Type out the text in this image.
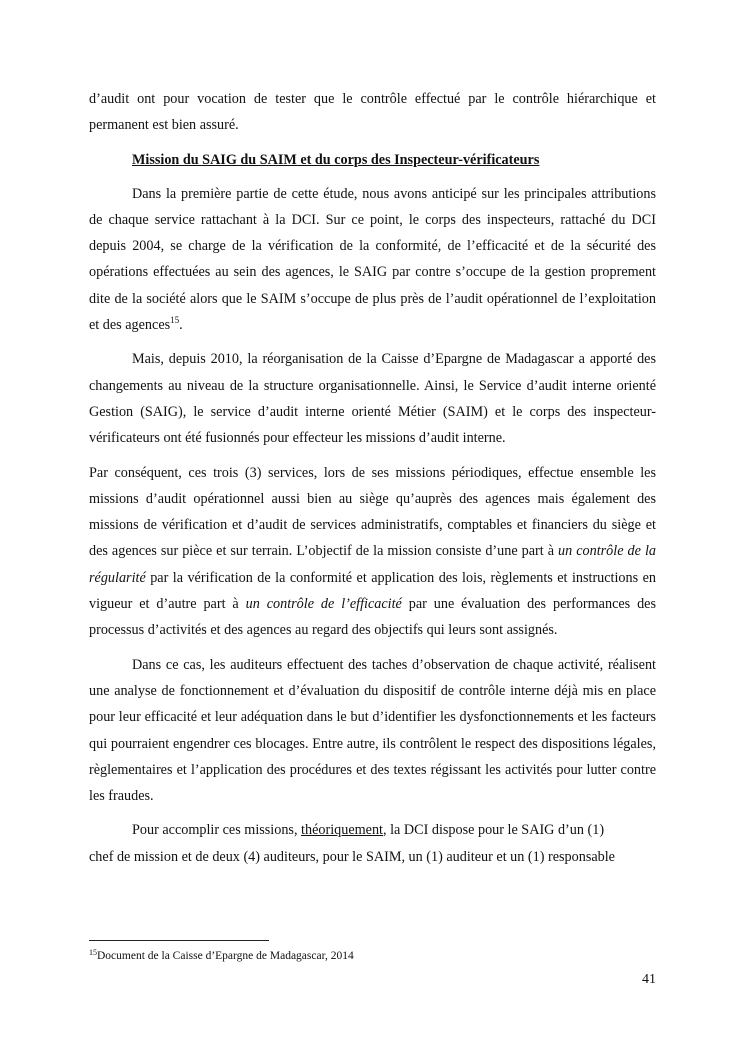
d’audit ont pour vocation de tester que le contrôle effectué par le contrôle hiérarchique et permanent est bien assuré.

Mission du SAIG du SAIM et du corps des Inspecteur-vérificateurs

Dans la première partie de cette étude, nous avons anticipé sur les principales attributions de chaque service rattachant à la DCI. Sur ce point, le corps des inspecteurs, rattaché du DCI depuis 2004, se charge de la vérification de la conformité, de l’efficacité et de la sécurité des opérations effectuées au sein des agences, le SAIG par contre s’occupe de la gestion proprement dite de la société alors que le SAIM s’occupe de plus près de l’audit opérationnel de l’exploitation et des agences$^{15}$.

Mais, depuis 2010, la réorganisation de la Caisse d’Epargne de Madagascar a apporté des changements au niveau de la structure organisationnelle. Ainsi, le Service d’audit interne orienté Gestion (SAIG), le service d’audit interne orienté Métier (SAIM) et le corps des inspecteur-vérificateurs ont été fusionnés pour effecteur les missions d’audit interne.

Par conséquent, ces trois (3) services, lors de ses missions périodiques, effectue ensemble les missions d’audit opérationnel aussi bien au siège qu’auprès des agences mais également des missions de vérification et d’audit de services administratifs, comptables et financiers du siège et des agences sur pièce et sur terrain. L’objectif de la mission consiste d’une part à un contrôle de la régularité par la vérification de la conformité et application des lois, règlements et instructions en vigueur et d’autre part à un contrôle de l’efficacité par une évaluation des performances des processus d’activités et des agences au regard des objectifs qui leurs sont assignés.

Dans ce cas, les auditeurs effectuent des taches d’observation de chaque activité, réalisent une analyse de fonctionnement et d’évaluation du dispositif de contrôle interne déjà mis en place pour leur efficacité et leur adéquation dans le but d’identifier les dysfonctionnements et les facteurs qui pourraient engendrer ces blocages. Entre autre, ils contrôlent le respect des dispositions légales, règlementaires et l’application des procédures et des textes régissant les activités pour lutter contre les fraudes.

Pour accomplir ces missions, théoriquement, la DCI dispose pour le SAIG d’un (1)

chef de mission et de deux (4) auditeurs, pour le SAIM, un (1) auditeur et un (1) responsable

$^{15}$Document de la Caisse d’Epargne de Madagascar, 2014
41
